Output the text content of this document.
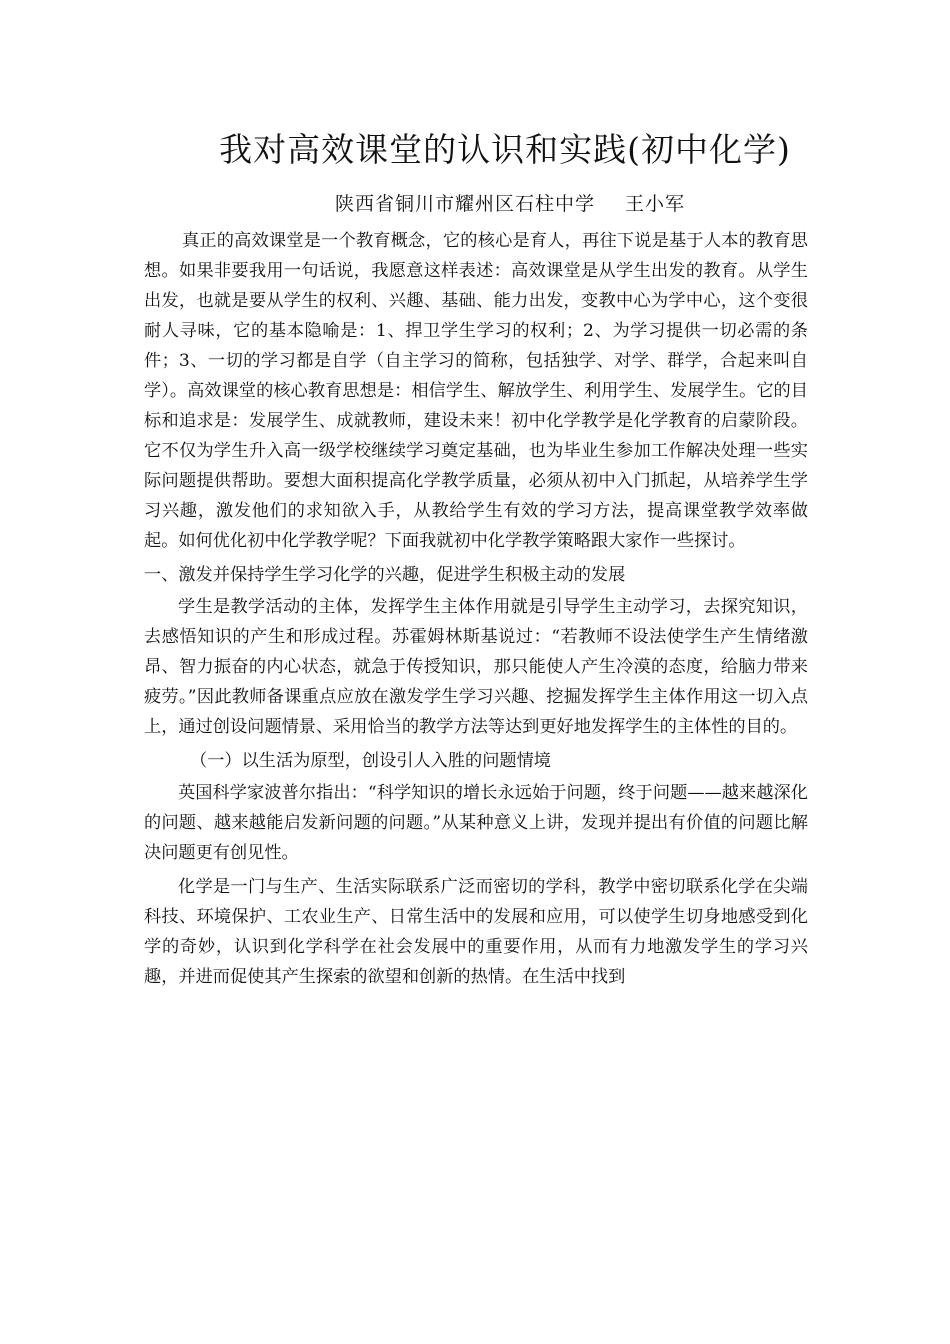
我对高效课堂的认识和实践(初中化学)
陕西省铜川市耀州区石柱中学 王小军

真正的高效课堂是一个教育概念，它的核心是育人，再往下说是基于人本的教育思想。如果非要我用一句话说，我愿意这样表述：高效课堂是从学生出发的教育。从学生出发，也就是要从学生的权利、兴趣、基础、能力出发，变教中心为学中心，这个变很耐人寻味，它的基本隐喻是：1、捍卫学生学习的权利；2、为学习提供一切必需的条件；3、一切的学习都是自学（自主学习的简称，包括独学、对学、群学，合起来叫自学）。高效课堂的核心教育思想是：相信学生、解放学生、利用学生、发展学生。它的目标和追求是：发展学生、成就教师，建设未来！初中化学教学是化学教育的启蒙阶段。它不仅为学生升入高一级学校继续学习奠定基础，也为毕业生参加工作解决处理一些实际问题提供帮助。要想大面积提高化学教学质量，必须从初中入门抓起，从培养学生学习兴趣，激发他们的求知欲入手，从教给学生有效的学习方法，提高课堂教学效率做起。如何优化初中化学教学呢？下面我就初中化学教学策略跟大家作一些探讨。

一、激发并保持学生学习化学的兴趣，促进学生积极主动的发展

学生是教学活动的主体，发挥学生主体作用就是引导学生主动学习，去探究知识，去感悟知识的产生和形成过程。苏霍姆林斯基说过：“若教师不设法使学生产生情绪激昂、智力振奋的内心状态，就急于传授知识，那只能使人产生冷漠的态度，给脑力带来疲劳。”因此教师备课重点应放在激发学生学习兴趣、挖掘发挥学生主体作用这一切入点上，通过创设问题情景、采用恰当的教学方法等达到更好地发挥学生的主体性的目的。

（一）以生活为原型，创设引人入胜的问题情境

英国科学家波普尔指出：“科学知识的增长永远始于问题，终于问题——越来越深化的问题、越来越能启发新问题的问题。”从某种意义上讲，发现并提出有价值的问题比解决问题更有创见性。

化学是一门与生产、生活实际联系广泛而密切的学科，教学中密切联系化学在尖端科技、环境保护、工农业生产、日常生活中的发展和应用，可以使学生切身地感受到化学的奇妙，认识到化学科学在社会发展中的重要作用，从而有力地激发学生的学习兴趣，并进而促使其产生探索的欲望和创新的热情。在生活中找到
